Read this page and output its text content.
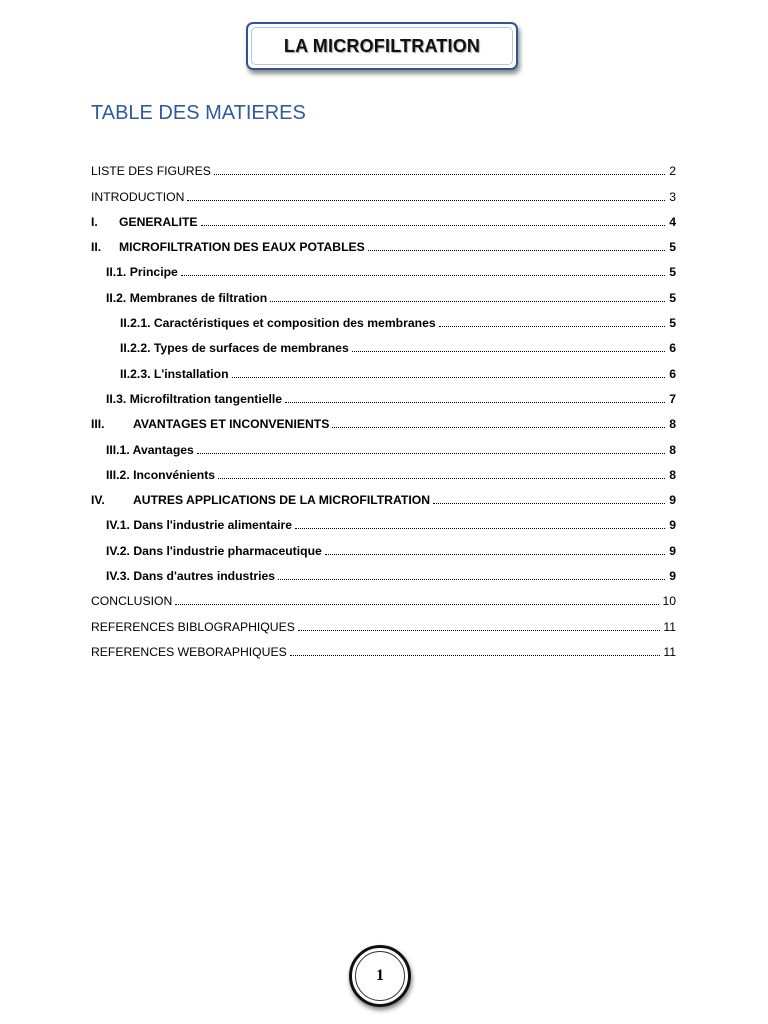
LA MICROFILTRATION
TABLE DES MATIERES
LISTE DES FIGURES	2
INTRODUCTION	3
I.	GENERALITE	4
II.	MICROFILTRATION DES EAUX POTABLES	5
II.1. Principe	5
II.2. Membranes de filtration	5
II.2.1. Caractéristiques et composition des membranes	5
II.2.2. Types de surfaces de membranes	6
II.2.3. L'installation	6
II.3. Microfiltration tangentielle	7
III.	AVANTAGES ET INCONVENIENTS	8
III.1. Avantages	8
III.2. Inconvénients	8
IV.	AUTRES APPLICATIONS DE LA MICROFILTRATION	9
IV.1. Dans l'industrie alimentaire	9
IV.2. Dans l'industrie pharmaceutique	9
IV.3. Dans d'autres industries	9
CONCLUSION	10
REFERENCES BIBLOGRAPHIQUES	11
REFERENCES WEBORAPHIQUES	11
1
